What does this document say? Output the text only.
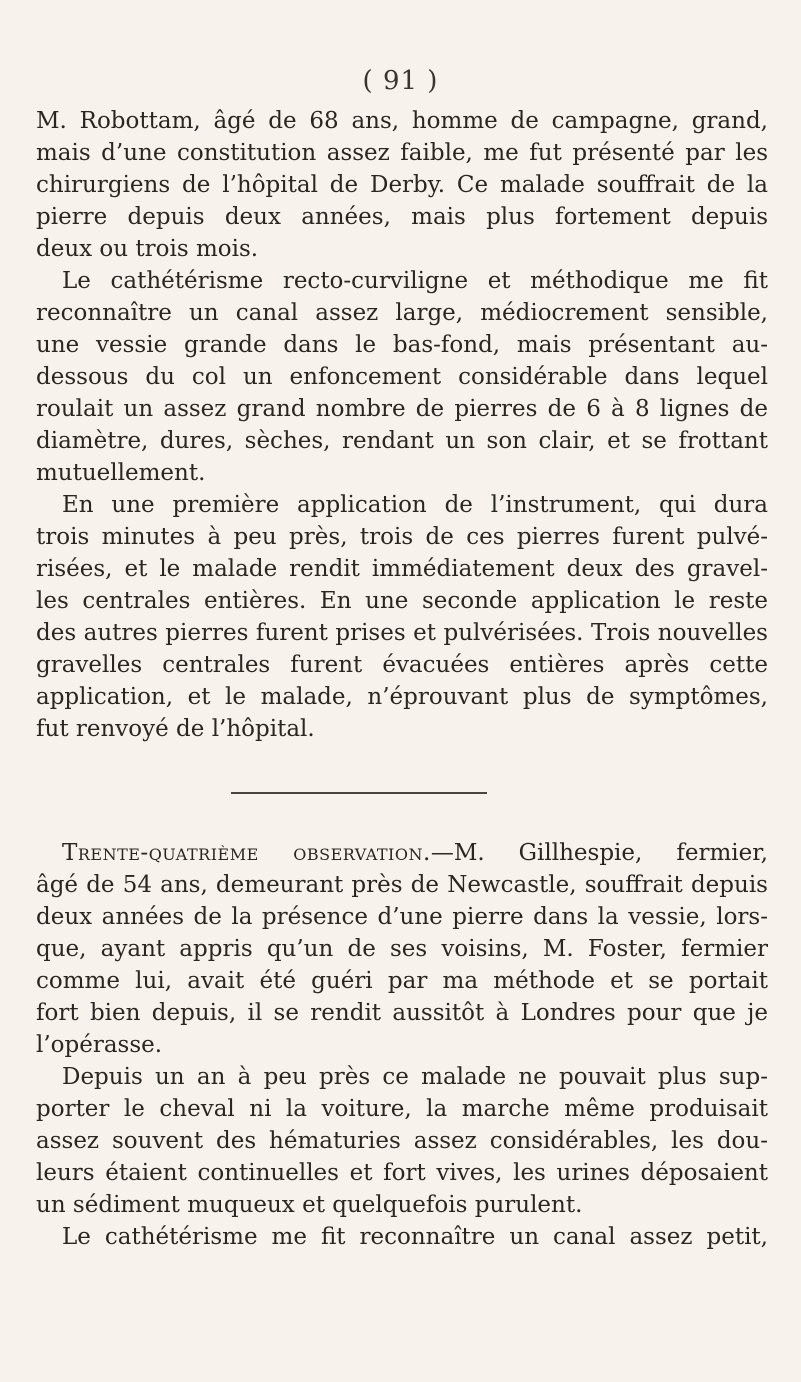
( 91 )
M. Robottam, âgé de 68 ans, homme de campagne, grand,
mais d’une constitution assez faible, me fut présenté par les
chirurgiens de l’hôpital de Derby. Ce malade souffrait de la
pierre depuis deux années, mais plus fortement depuis
deux ou trois mois.
Le cathétérisme recto-curviligne et méthodique me fit
reconnaître un canal assez large, médiocrement sensible,
une vessie grande dans le bas-fond, mais présentant au-
dessous du col un enfoncement considérable dans lequel
roulait un assez grand nombre de pierres de 6 à 8 lignes de
diamètre, dures, sèches, rendant un son clair, et se frottant
mutuellement.
En une première application de l’instrument, qui dura
trois minutes à peu près, trois de ces pierres furent pulvé-
risées, et le malade rendit immédiatement deux des gravel-
les centrales entières. En une seconde application le reste
des autres pierres furent prises et pulvérisées. Trois nouvelles
gravelles centrales furent évacuées entières après cette
application, et le malade, n’éprouvant plus de symptômes,
fut renvoyé de l’hôpital.
Trente-quatrième observation.—M. Gillhespie, fermier,
âgé de 54 ans, demeurant près de Newcastle, souffrait depuis
deux années de la présence d’une pierre dans la vessie, lors-
que, ayant appris qu’un de ses voisins, M. Foster, fermier
comme lui, avait été guéri par ma méthode et se portait
fort bien depuis, il se rendit aussitôt à Londres pour que je
l’opérasse.
Depuis un an à peu près ce malade ne pouvait plus sup-
porter le cheval ni la voiture, la marche même produisait
assez souvent des hématuries assez considérables, les dou-
leurs étaient continuelles et fort vives, les urines déposaient
un sédiment muqueux et quelquefois purulent.
Le cathétérisme me fit reconnaître un canal assez petit,
